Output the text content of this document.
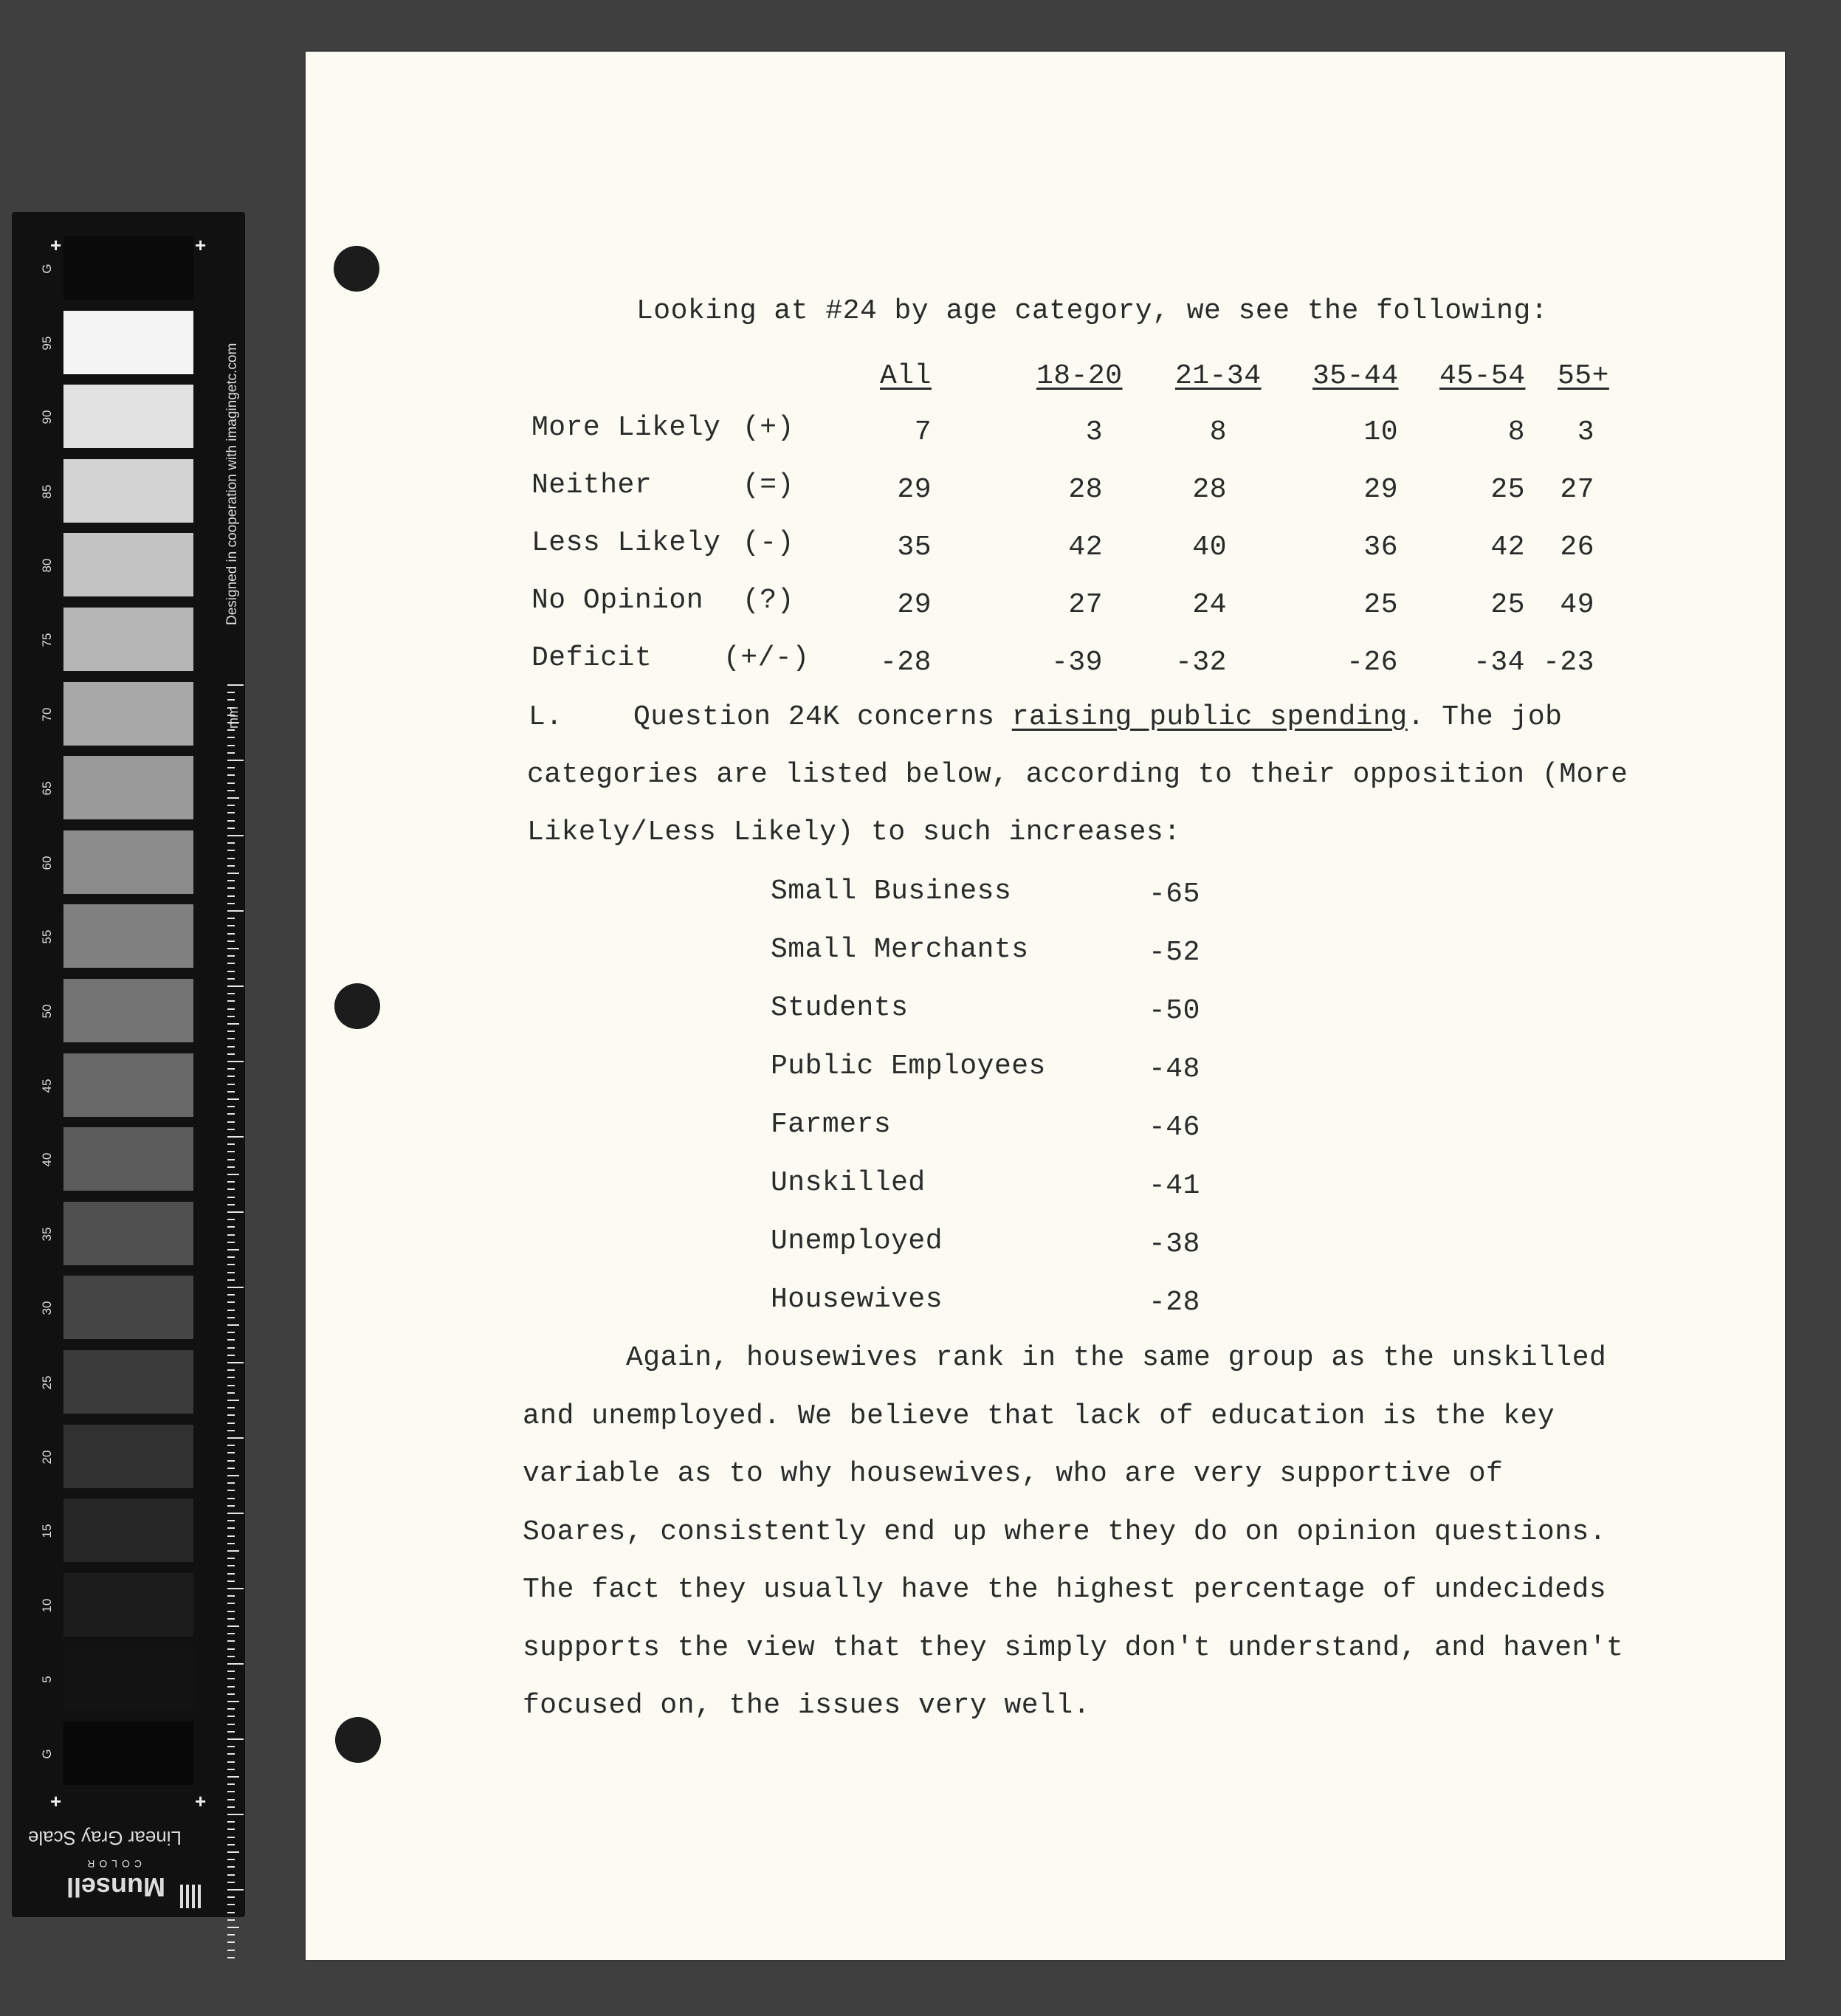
+	+
+	+
mm
Designed in cooperation with imagingetc.com
Linear Gray Scale
Munsell
COLOR
G
95
90
85
80
75
70
65
60
55
50
45
40
35
30
25
20
15
10
5
G
Looking at #24 by age category, we see the following:
All	18-20 21-34 35-44 45-54 55+
More Likely (+)	7	3	8	10	8 3
Neither	(=)	29	28	28	29	25 27
Less Likely (-)	35	42	40	36	42 26
No Opinion (?)	29	27	24	25	25 49
Deficit	(+/-)	-28	-39	-32	-26	-34 -23
L.	Question 24K concerns raising public spending. The job
categories are listed below, according to their opposition (More
Likely/Less Likely) to such increases:
Small Business	-65
Small Merchants	-52
Students	-50
Public Employees	-48
Farmers	-46
Unskilled	-41
Unemployed	-38
Housewives	-28
Again, housewives rank in the same group as the unskilled
and unemployed. We believe that lack of education is the key
variable as to why housewives, who are very supportive of
Soares, consistently end up where they do on opinion questions.
The fact they usually have the highest percentage of undecideds
supports the view that they simply don't understand, and haven't
focused on, the issues very well.
